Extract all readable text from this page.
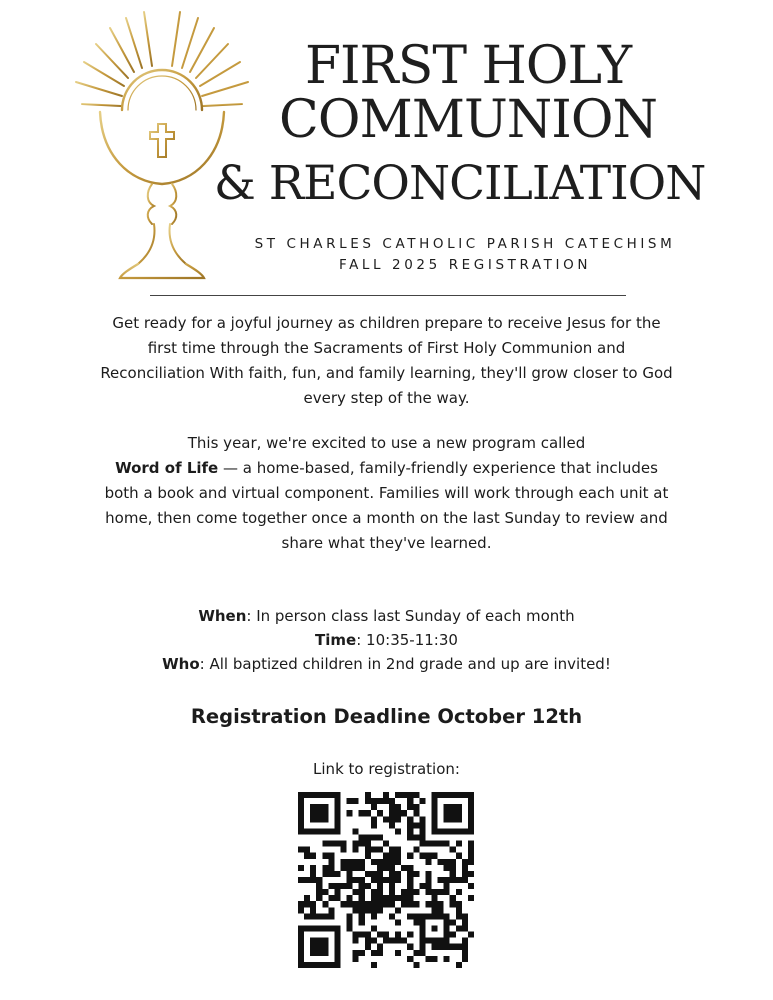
FIRST HOLY
COMMUNION
& RECONCILIATION
ST CHARLES CATHOLIC PARISH CATECHISM
FALL 2025 REGISTRATION

Get ready for a joyful journey as children prepare to receive Jesus for the first time through the Sacraments of First Holy Communion and Reconciliation With faith, fun, and family learning, they'll grow closer to God every step of the way.

This year, we're excited to use a new program called
Word of Life — a home-based, family-friendly experience that includes both a book and virtual component. Families will work through each unit at home, then come together once a month on the last Sunday to review and share what they've learned.

When: In person class last Sunday of each month
Time: 10:35-11:30
Who: All baptized children in 2nd grade and up are invited!
Registration Deadline October 12th
Link to registration:
